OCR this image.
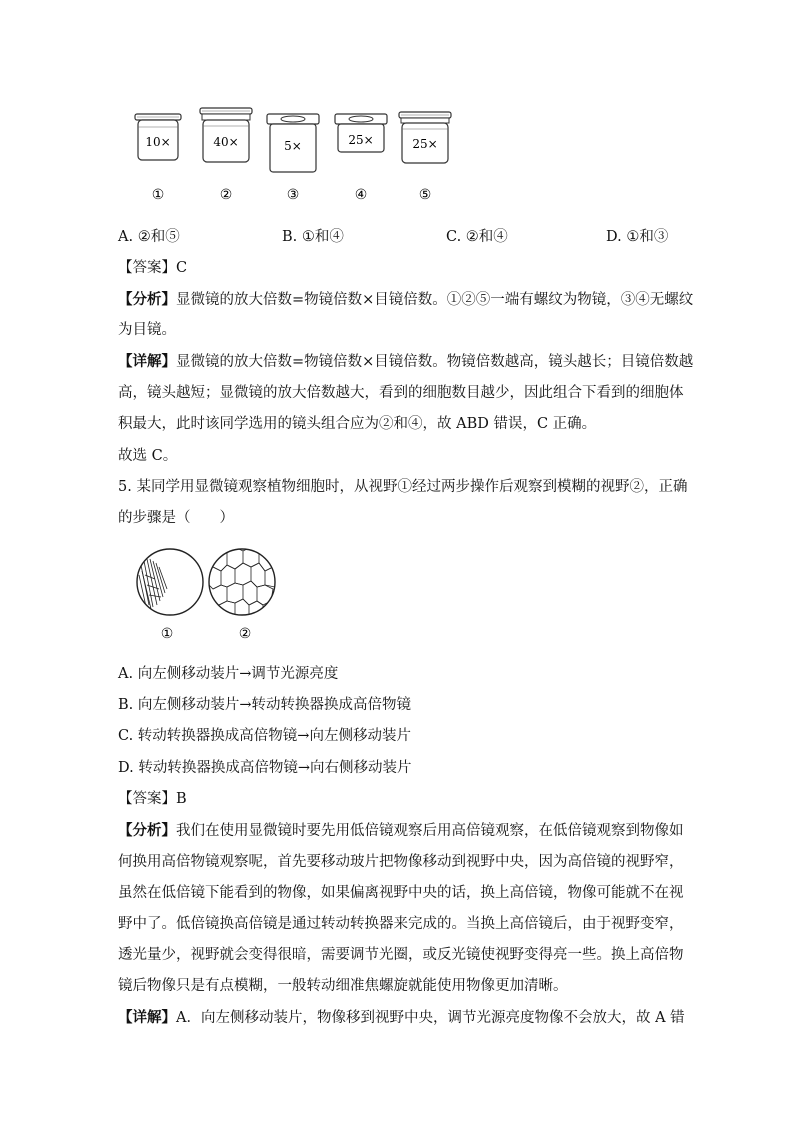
10×
①
40×
②
5×
③
25×
④
25×
⑤
A. ②和⑤	B. ①和④	C. ②和④	D. ①和③
【答案】C
【分析】显微镜的放大倍数=物镜倍数×目镜倍数。①②⑤一端有螺纹为物镜，③④无螺纹
为目镜。
【详解】显微镜的放大倍数=物镜倍数×目镜倍数。物镜倍数越高，镜头越长；目镜倍数越
高，镜头越短；显微镜的放大倍数越大，看到的细胞数目越少，因此组合下看到的细胞体
积最大，此时该同学选用的镜头组合应为②和④，故 ABD 错误，C 正确。
故选 C。
5. 某同学用显微镜观察植物细胞时，从视野①经过两步操作后观察到模糊的视野②，正确
的步骤是（　　）
①	②
A. 向左侧移动装片→调节光源亮度
B. 向左侧移动装片→转动转换器换成高倍物镜
C. 转动转换器换成高倍物镜→向左侧移动装片
D. 转动转换器换成高倍物镜→向右侧移动装片
【答案】B
【分析】我们在使用显微镜时要先用低倍镜观察后用高倍镜观察，在低倍镜观察到物像如
何换用高倍物镜观察呢，首先要移动玻片把物像移动到视野中央，因为高倍镜的视野窄，
虽然在低倍镜下能看到的物像，如果偏离视野中央的话，换上高倍镜，物像可能就不在视
野中了。低倍镜换高倍镜是通过转动转换器来完成的。当换上高倍镜后，由于视野变窄，
透光量少，视野就会变得很暗，需要调节光圈，或反光镜使视野变得亮一些。换上高倍物
镜后物像只是有点模糊，一般转动细准焦螺旋就能使用物像更加清晰。
【详解】A．向左侧移动装片，物像移到视野中央，调节光源亮度物像不会放大，故 A 错
